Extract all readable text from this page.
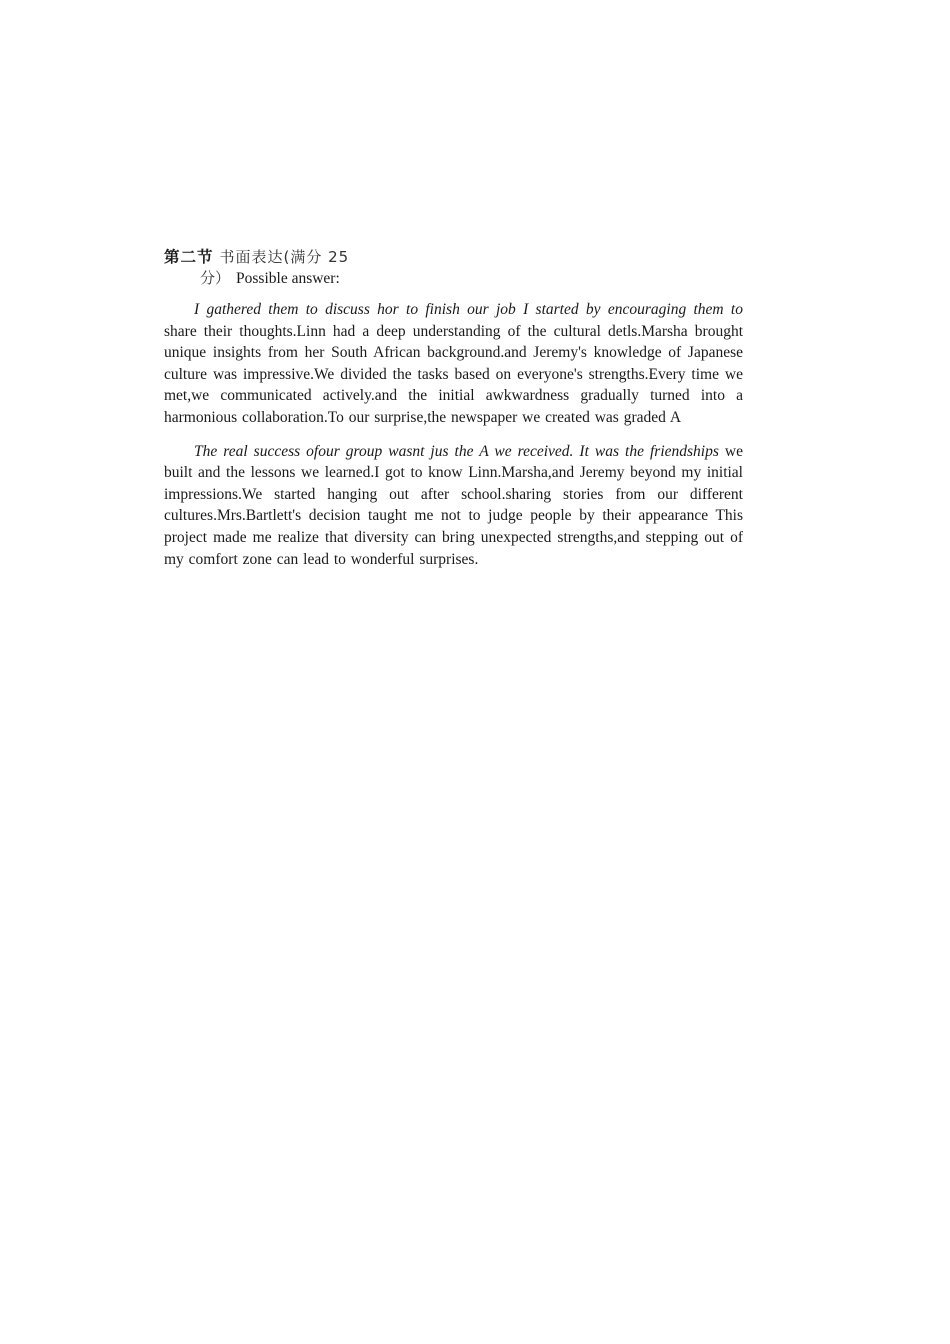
第二节 书面表达(满分 25

分） Possible answer:

I gathered them to discuss hor to finish our job I started by encouraging them to share their thoughts.Linn had a deep understanding of the cultural detls.Marsha brought unique insights from her South African background.and Jeremy's knowledge of Japanese culture was impressive.We divided the tasks based on everyone's strengths.Every time we met,we communicated actively.and the initial awkwardness gradually turned into a harmonious collaboration.To our surprise,the newspaper we created was graded A

The real success ofour group wasnt jus the A we received. It was the friendships we built and the lessons we learned.I got to know Linn.Marsha,and Jeremy beyond my initial impressions.We started hanging out after school.sharing stories from our different cultures.Mrs.Bartlett's decision taught me not to judge people by their appearance This project made me realize that diversity can bring unexpected strengths,and stepping out of my comfort zone can lead to wonderful surprises.
